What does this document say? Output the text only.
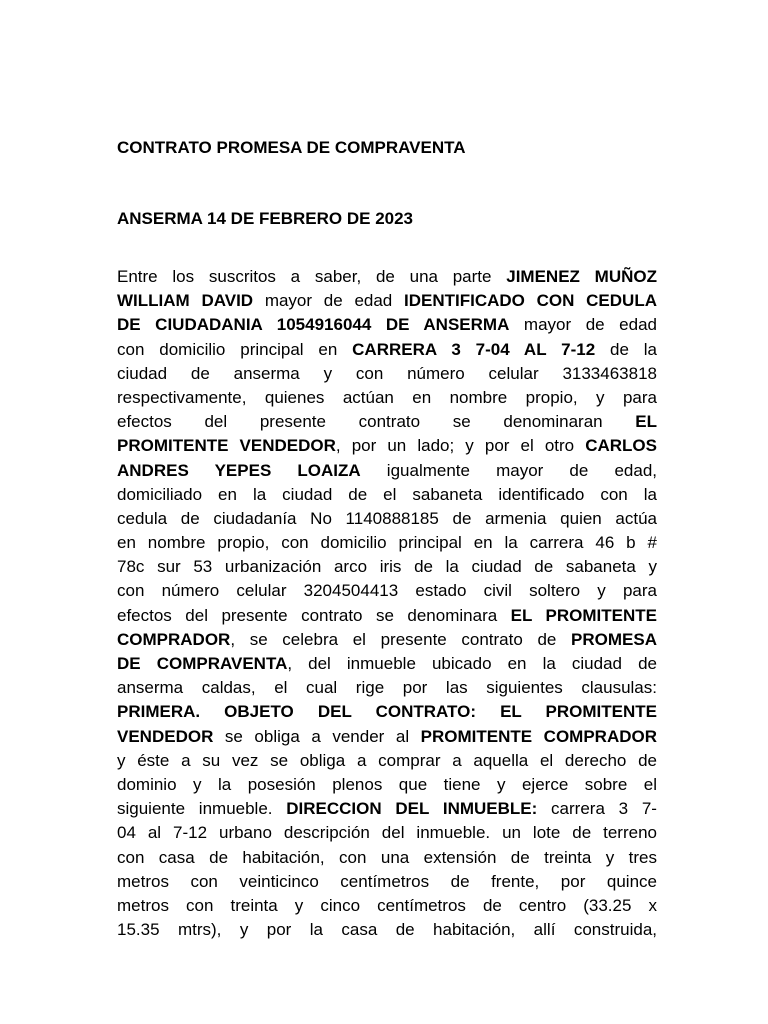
CONTRATO PROMESA DE COMPRAVENTA
ANSERMA 14 DE FEBRERO DE 2023
Entre los suscritos a saber, de una parte JIMENEZ MUÑOZ
WILLIAM DAVID mayor de edad IDENTIFICADO CON CEDULA
DE CIUDADANIA 1054916044 DE ANSERMA mayor de edad
con domicilio principal en CARRERA 3 7-04 AL 7-12 de la
ciudad de anserma y con número celular 3133463818
respectivamente, quienes actúan en nombre propio, y para
efectos del presente contrato se denominaran EL
PROMITENTE VENDEDOR, por un lado; y por el otro CARLOS
ANDRES YEPES LOAIZA igualmente mayor de edad,
domiciliado en la ciudad de el sabaneta identificado con la
cedula de ciudadanía No 1140888185 de armenia quien actúa
en nombre propio, con domicilio principal en la carrera 46 b #
78c sur 53 urbanización arco iris de la ciudad de sabaneta y
con número celular 3204504413 estado civil soltero y para
efectos del presente contrato se denominara EL PROMITENTE
COMPRADOR, se celebra el presente contrato de PROMESA
DE COMPRAVENTA, del inmueble ubicado en la ciudad de
anserma caldas, el cual rige por las siguientes clausulas:
PRIMERA. OBJETO DEL CONTRATO: EL PROMITENTE
VENDEDOR se obliga a vender al PROMITENTE COMPRADOR
y éste a su vez se obliga a comprar a aquella el derecho de
dominio y la posesión plenos que tiene y ejerce sobre el
siguiente inmueble. DIRECCION DEL INMUEBLE: carrera 3 7-
04 al 7-12 urbano descripción del inmueble. un lote de terreno
con casa de habitación, con una extensión de treinta y tres
metros con veinticinco centímetros de frente, por quince
metros con treinta y cinco centímetros de centro (33.25 x
15.35 mtrs), y por la casa de habitación, allí construida,
